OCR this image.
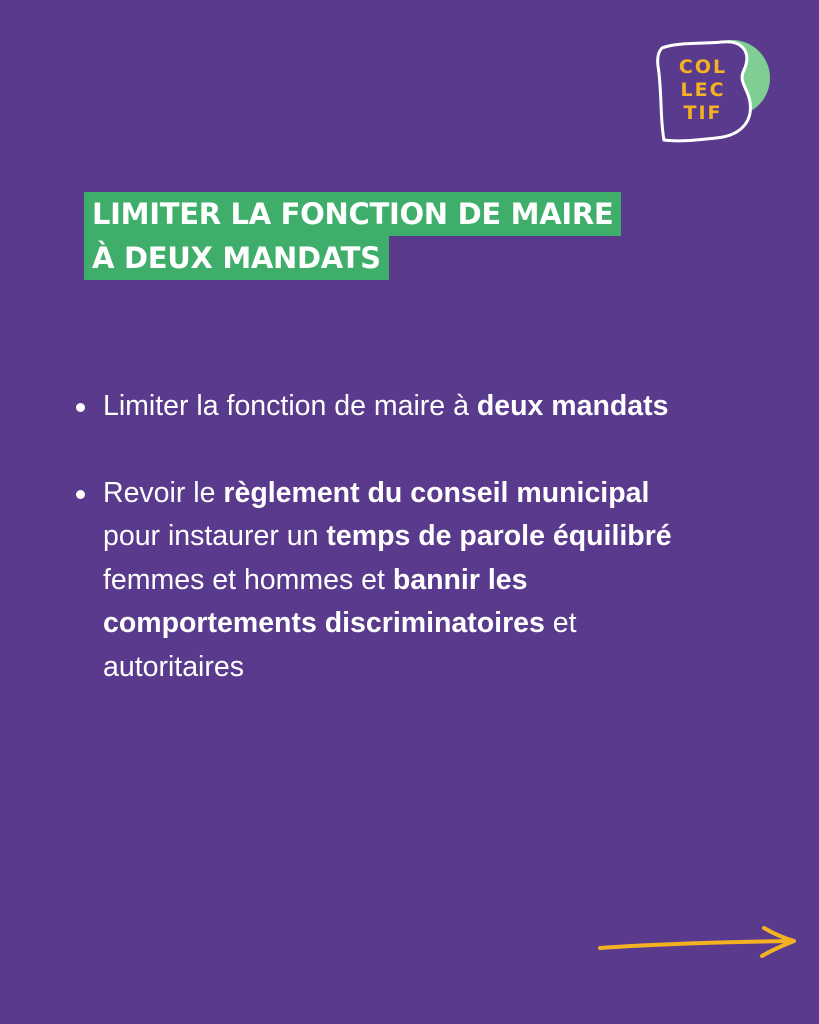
COL
LEC
TIF
LIMITER LA FONCTION DE MAIRE
À DEUX MANDATS
Limiter la fonction de maire à deux mandats
Revoir le règlement du conseil municipal pour instaurer un temps de parole équilibré femmes et hommes et bannir les comportements discriminatoires et autoritaires
